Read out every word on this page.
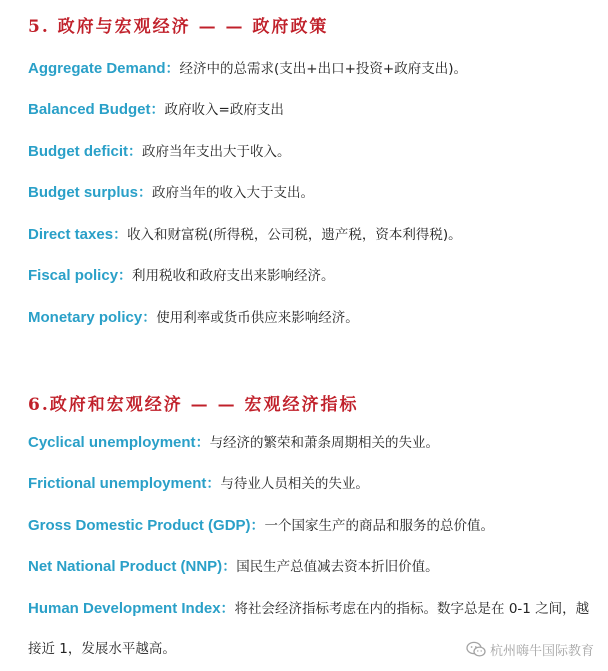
5. 政府与宏观经济 — — 政府政策

Aggregate Demand：经济中的总需求(支出+出口+投资+政府支出)。

Balanced Budget：政府收入=政府支出

Budget deficit：政府当年支出大于收入。

Budget surplus：政府当年的收入大于支出。

Direct taxes：收入和财富税(所得税，公司税，遗产税，资本利得税)。

Fiscal policy：利用税收和政府支出来影响经济。

Monetary policy：使用利率或货币供应来影响经济。

6.政府和宏观经济 — — 宏观经济指标

Cyclical unemployment：与经济的繁荣和萧条周期相关的失业。

Frictional unemployment：与待业人员相关的失业。

Gross Domestic Product (GDP)：一个国家生产的商品和服务的总价值。

Net National Product (NNP)：国民生产总值减去资本折旧价值。

Human Development Index：将社会经济指标考虑在内的指标。数字总是在 0-1 之间，越接近 1，发展水平越高。	杭州嗨牛国际教育
